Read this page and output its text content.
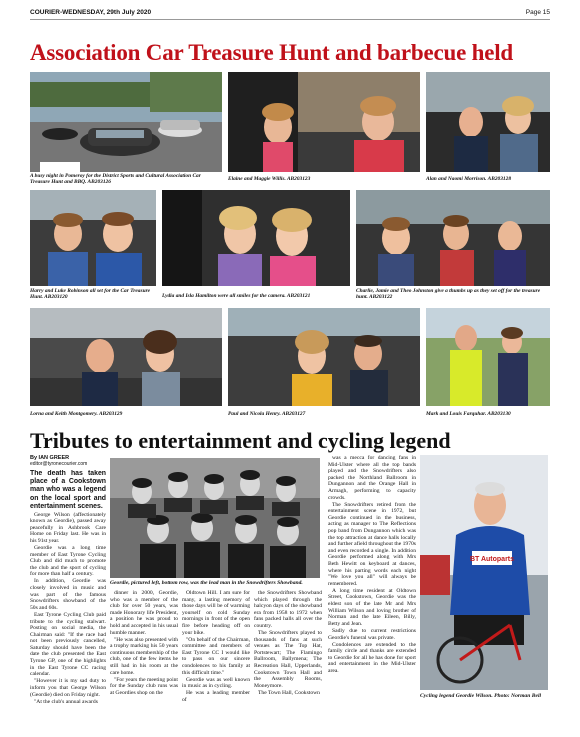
COURIER-WEDNESDAY, 29th July 2020	Page 15
Association Car Treasure Hunt and barbecue held
A busy night in Pomeroy for the District Sports and Cultural Association Car Treasure Hunt and BBQ. AB203126
Elaine and Maggie Willis. AB203123	Alan and Naomi Morrison. AB203128
Harry and Luke Robinson all set for the Car Treasure Hunt. AB203120	Lydia and Isla Hamilton were all smiles for the camera. AB203121
Charlie, Jamie and Theo Johnston give a thumbs up as they set off for the treasure hunt. AB203122
Lorna and Keith Montgomery. AB203129	Paul and Nicola Henry. AB203127	Mark and Louis Farquhar. AB203130
Tributes to entertainment and cycling legend
By IAN GREER
editor@tyronecourier.com

The death has taken place of a Cookstown man who was a legend on the local sport and entertainment scenes.

George Wilson (affectionately known as Geordie), passed away peacefully in Ashbrook Care Home on Friday last. He was in his 91st year.

Geordie was a long time member of East Tyrone Cycling Club and did much to promote the club and the sport of cycling for more than half a century.

In addition, Geordie was closely involved in music and was part of the famous Snowdrifters showband of the 50s and 60s.

East Tyrone Cycling Club paid tribute to the cycling stalwart. Posting on social media, the Chairman said: "If the race had not been previously cancelled, Saturday should have been the date the club presented the East Tyrone GP, one of the highlights in the East Tyrone CC racing calendar.

"However it is my sad duty to inform you that George Wilson (Geordie) died on Friday night.

"At the club's annual awards

Geordie, pictured left, bottom row, was the lead man in the Snowdrifters Showband.

dinner in 2000, Geordie, who was a member of the club for over 50 years, was made Honorary life President, a position he was proud to hold and accepted in his usual humble manner.

"He was also presented with a trophy marking his 50 years continuous membership of the club, one of the few items he still had in his room at the care home.

"For years the meeting point for the Sunday club runs was at Geordies shop on the

Oldtown Hill. I am sure for many, a lasting memory of those days will be of warming yourself on cold Sunday mornings in front of the open fire before heading off on your bike.

"On behalf of the Chairman, committee and members of East Tyrone CC I would like to pass on our sincere condolences to his family at this difficult time."

Geordie was as well known in music as in cycling.

He was a leading member of

the Snowdrifters Showband which played through the halcyon days of the showband era from 1958 to 1972 when fans packed halls all over the country.

The Snowdrifters played to thousands of fans at such venues as The Top Hat, Portstewart; The Flamingo Ballroom, Ballymena; The Recreation Hall, Upperlands, Cookstown Town Hall and the Assembly Rooms, Moneymore.

The Town Hall, Cookstown

was a mecca for dancing fans in Mid-Ulster where all the top bands played and the Snowdrifters also packed the Northland Ballroom in Dungannon and the Orange Hall in Armagh, performing to capacity crowds.

The Snowdrifters retired from the entertainment scene in 1972, but Geordie continued in the business, acting as manager to The Reflections pop band from Dungannon which was the top attraction at dance halls locally and further afield throughout the 1970s and even recorded a single. In addition Geordie performed along with Mrs Beth Hewitt on keyboard at dances, where his parting words each night "We love you all" will always be remembered.

A long time resident at Oldtown Street, Cookstown, Geordie was the eldest son of the late Mr and Mrs William Wilson and loving brother of Norman and the late Eileen, Billy, Betty and Jean.

Sadly due to current restrictions Geordie's funeral was private.

Condolences are extended to the family circle and thanks are extended to Geordie for all he has done for sport and entertainment in the Mid-Ulster area.

BT Autoparts
Cycling legend Geordie Wilson. Photo: Norman Bell
